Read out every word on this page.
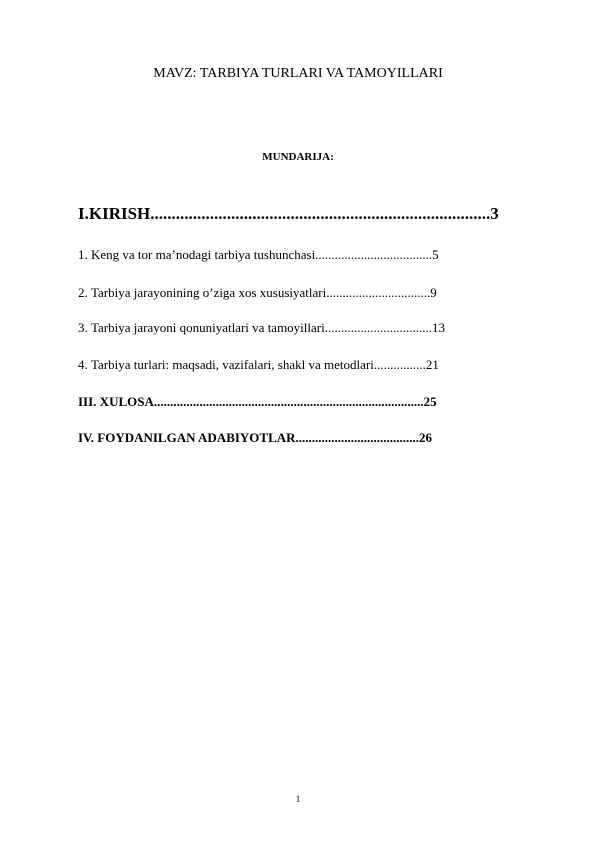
MAVZ: TARBIYA TURLARI VA TAMOYILLARI
MUNDARIJA:
I.KIRISH................................................................................3
1. Keng va tor ma’nodagi tarbiya tushunchasi....................................5
2. Tarbiya jarayonining o’ziga xos xususiyatlari................................9
3. Tarbiya jarayoni qonuniyatlari va tamoyillari.................................13
4. Tarbiya turlari: maqsadi, vazifalari, shakl va metodlari................21
III. XULOSA...................................................................................25
IV. FOYDANILGAN ADABIYOTLAR......................................26
1
